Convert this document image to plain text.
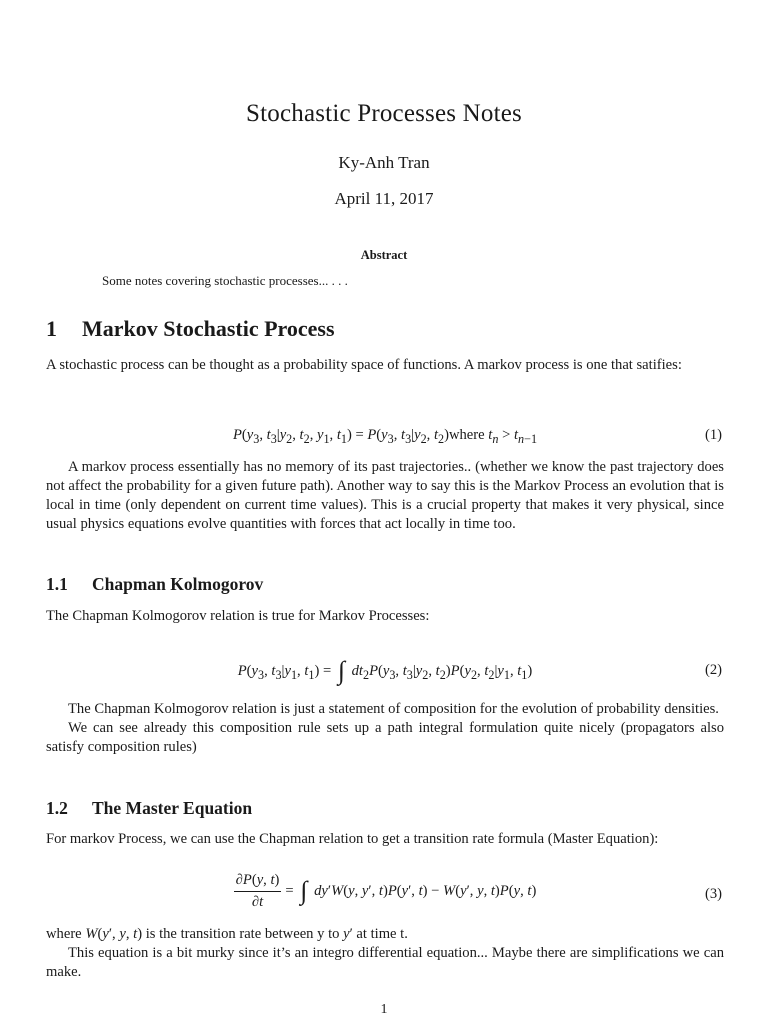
Stochastic Processes Notes
Ky-Anh Tran
April 11, 2017
Abstract
Some notes covering stochastic processes... . . .
1 Markov Stochastic Process

A stochastic process can be thought as a probability space of functions. A markov process is one that satifies:

$P(y_3$, $t_3|y_2$, $t_2$, $y_1$, $t_1) = P(y_3$, $t_3|y_2$, $t_2)where$ $t_n > t_{n-1}$	(1)

A markov process essentially has no memory of its past trajectories.. (whether we know the past trajectory does not affect the probability for a given future path). Another way to say this is the Markov Process an evolution that is local in time (only dependent on current time values). This is a crucial property that makes it very physical, since usual physics equations evolve quantities with forces that act locally in time too.

1.1 Chapman Kolmogorov

The Chapman Kolmogorov relation is true for Markov Processes:

$P(y_3$, $t_3|y_1$, $t_1$) = ∫ $dt_2P(y_3$, $t_3|y_2$, $t_2)P(y_2$, $t_2|y_1$, $t_1$)	(2)

The Chapman Kolmogorov relation is just a statement of composition for the evolution of probability densities.

We can see already this composition rule sets up a path integral formulation quite nicely (propagators also satisfy composition rules)

1.2 The Master Equation

For markov Process, we can use the Chapman relation to get a transition rate formula (Master Equation):

$\frac{\partial P(y, t)}{\partial t}$ = ∫ dy′W(y, y′, t)P(y′, t) − W(y′, y, t)P(y, t)	(3)

where W(y′, y, t) is the transition rate between y to y′ at time t.

This equation is a bit murky since it’s an integro differential equation... Maybe there are simplifications we can make.

1
